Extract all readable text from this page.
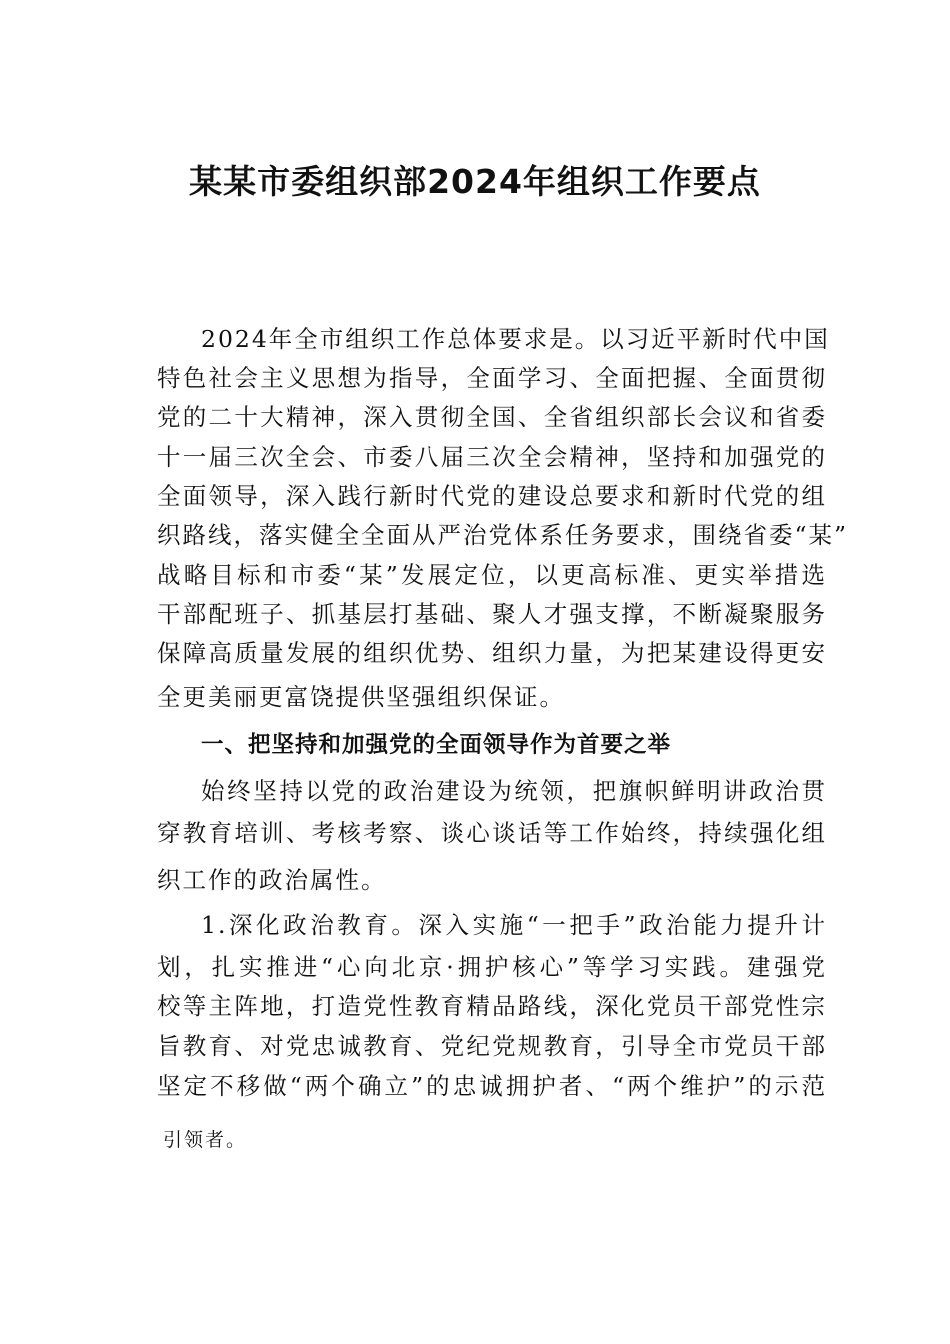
某某市委组织部2024年组织工作要点
2024年全市组织工作总体要求是。以习近平新时代中国
特色社会主义思想为指导，全面学习、全面把握、全面贯彻
党的二十大精神，深入贯彻全国、全省组织部长会议和省委
十一届三次全会、市委八届三次全会精神，坚持和加强党的
全面领导，深入践行新时代党的建设总要求和新时代党的组
织路线，落实健全全面从严治党体系任务要求，围绕省委“某”
战略目标和市委“某”发展定位，以更高标准、更实举措选
干部配班子、抓基层打基础、聚人才强支撑，不断凝聚服务
保障高质量发展的组织优势、组织力量，为把某建设得更安
全更美丽更富饶提供坚强组织保证。
一、把坚持和加强党的全面领导作为首要之举
始终坚持以党的政治建设为统领，把旗帜鲜明讲政治贯
穿教育培训、考核考察、谈心谈话等工作始终，持续强化组
织工作的政治属性。
1.深化政治教育。深入实施“一把手”政治能力提升计
划，扎实推进“心向北京·拥护核心”等学习实践。建强党
校等主阵地，打造党性教育精品路线，深化党员干部党性宗
旨教育、对党忠诚教育、党纪党规教育，引导全市党员干部
坚定不移做“两个确立”的忠诚拥护者、“两个维护”的示范
引领者。
